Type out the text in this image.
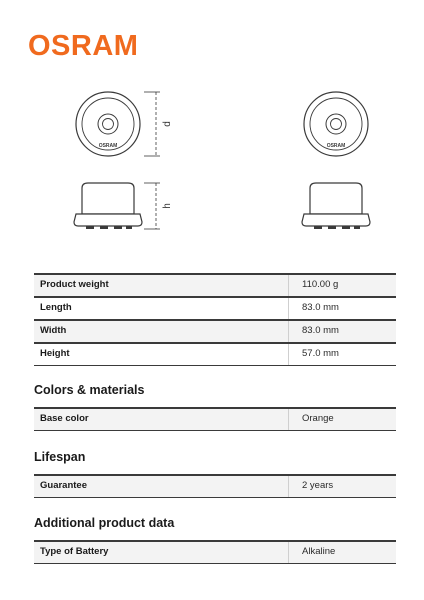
OSRAM
OSRAM
d
h
OSRAM
Product weight	110.00 g
Length	83.0 mm
Width	83.0 mm
Height	57.0 mm
Colors & materials
Base color	Orange
Lifespan
Guarantee	2 years
Additional product data
Type of Battery	Alkaline
